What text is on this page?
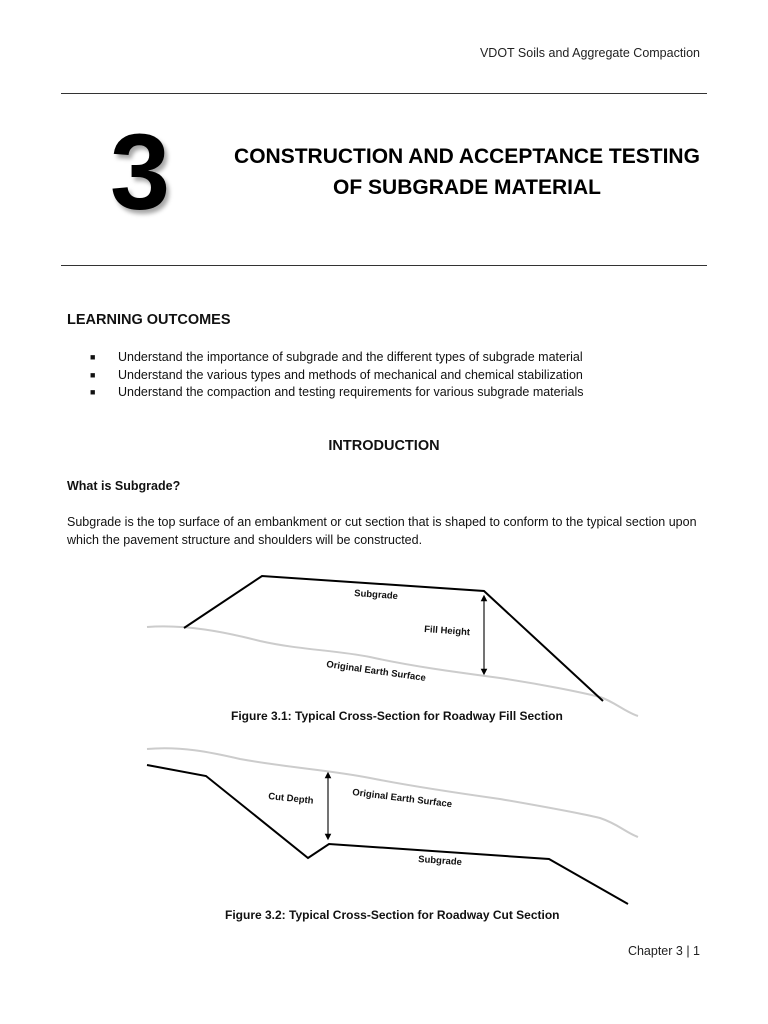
VDOT Soils and Aggregate Compaction
3	CONSTRUCTION AND ACCEPTANCE TESTING
OF SUBGRADE MATERIAL
LEARNING OUTCOMES
■ Understand the importance of subgrade and the different types of subgrade material
■ Understand the various types and methods of mechanical and chemical stabilization
■ Understand the compaction and testing requirements for various subgrade materials
INTRODUCTION
What is Subgrade?
Subgrade is the top surface of an embankment or cut section that is shaped to conform to the typical section upon which the pavement structure and shoulders will be constructed.
Subgrade
Fill Height
Original Earth Surface
Figure 3.1: Typical Cross-Section for Roadway Fill Section
Cut Depth	Original Earth Surface
Subgrade
Figure 3.2: Typical Cross-Section for Roadway Cut Section
Chapter 3 | 1
